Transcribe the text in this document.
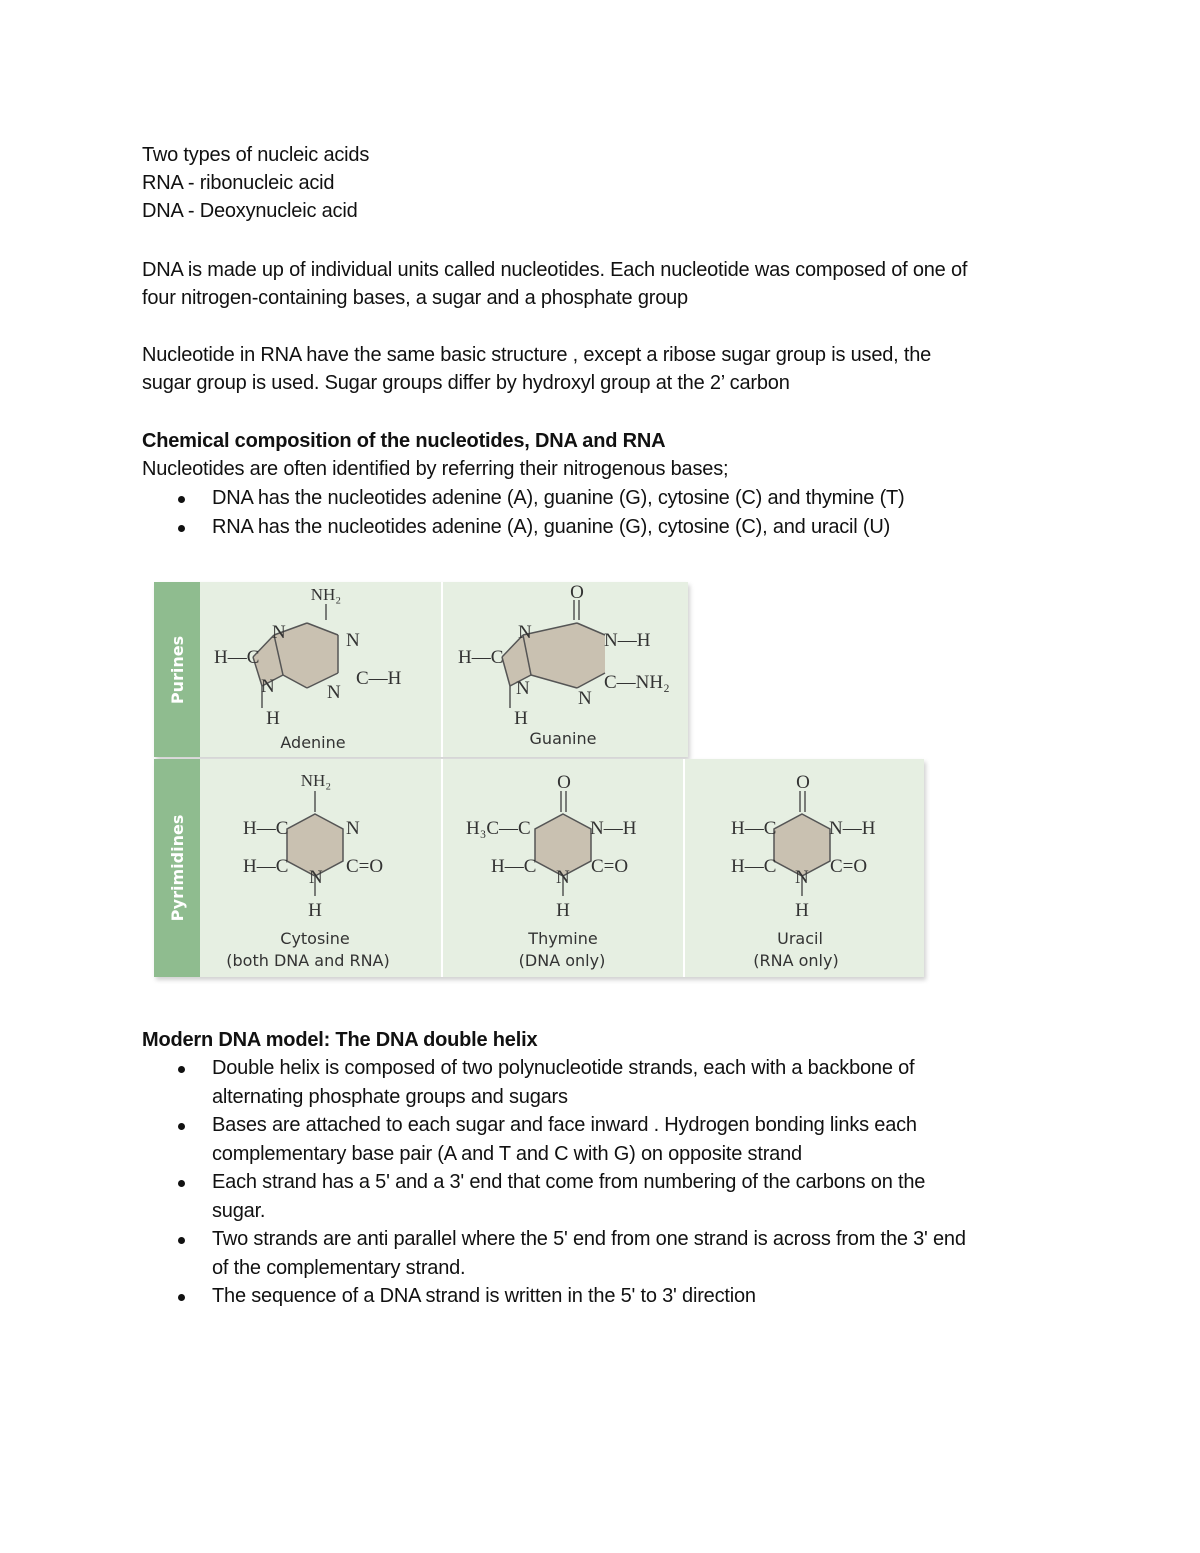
Two types of nucleic acids
RNA - ribonucleic acid
DNA - Deoxynucleic acid
DNA is made up of individual units called nucleotides. Each nucleotide was composed of one of
four nitrogen-containing bases, a sugar and a phosphate group
Nucleotide in RNA have the same basic structure , except a ribose sugar group is used, the
sugar group is used. Sugar groups differ by hydroxyl group at the 2’ carbon
Chemical composition of the nucleotides, DNA and RNA
Nucleotides are often identified by referring their nitrogenous bases;
DNA has the nucleotides adenine (A), guanine (G), cytosine (C) and thymine (T)
RNA has the nucleotides adenine (A), guanine (G), cytosine (C), and uracil (U)
Purines
Pyrimidines
NH₂
H—C
C—H
N	N
N	N
H
Adenine
O
N—H
C—NH₂
H—C
N
N	N
H
Guanine
NH₂
H—C
H—C	C=O
N
N
H
Cytosine
(both DNA and RNA)
O
H₃C—C
H—C
N—H
C=O
N
H
Thymine
(DNA only)
O
H—C
H—C
N—H
C=O
N
H
Uracil
(RNA only)
Modern DNA model: The DNA double helix
Double helix is composed of two polynucleotide strands, each with a backbone of
alternating phosphate groups and sugars
Bases are attached to each sugar and face inward . Hydrogen bonding links each
complementary base pair (A and T and C with G) on opposite strand
Each strand has a 5' and a 3' end that come from numbering of the carbons on the
sugar.
Two strands are anti parallel where the 5' end from one strand is across from the 3' end
of the complementary strand.
The sequence of a DNA strand is written in the 5' to 3' direction
